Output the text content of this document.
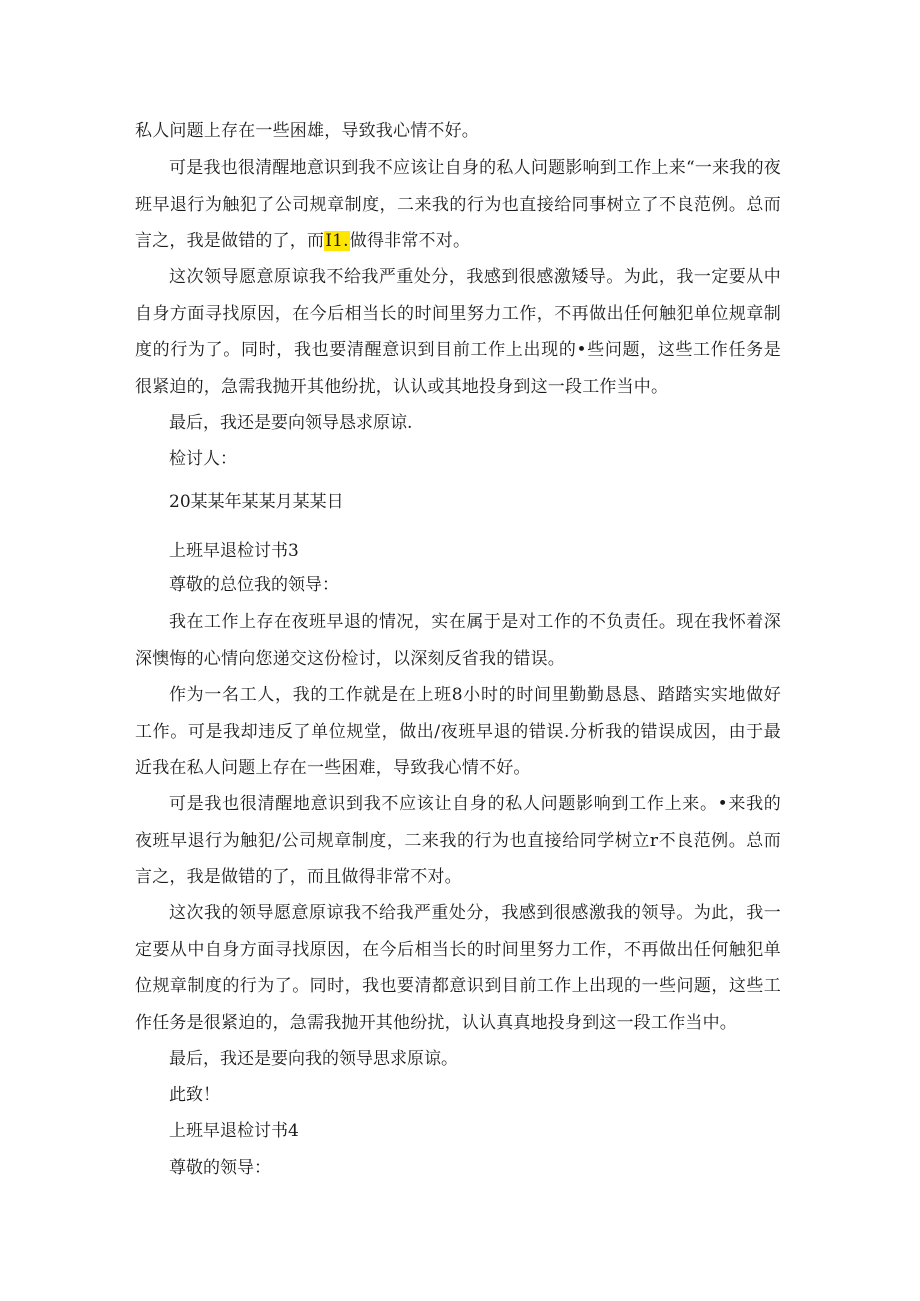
私人问题上存在一些困雄，导致我心情不好。

可是我也很清醒地意识到我不应该让自身的私人问题影响到工作上来“一来我的夜班早退行为触犯了公司规章制度，二来我的行为也直接给同事树立了不良范例。总而言之，我是做错的了，而I1.做得非常不对。

这次领导愿意原谅我不给我严重处分，我感到很感激矮导。为此，我一定要从中自身方面寻找原因，在今后相当长的时间里努力工作，不再做出任何触犯单位规章制度的行为了。同时，我也要清醒意识到目前工作上出现的•些问题，这些工作任务是很紧迫的，急需我抛开其他纷扰，认认或其地投身到这一段工作当中。

最后，我还是要向领导恳求原谅.

检讨人：

20某某年某某月某某日

上班早退检讨书3

尊敬的总位我的领导：

我在工作上存在夜班早退的情况，实在属于是对工作的不负责任。现在我怀着深深懊悔的心情向您递交这份检讨，以深刻反省我的错误。

作为一名工人，我的工作就是在上班8小时的时间里勤勤恳恳、踏踏实实地做好工作。可是我却违反了单位规堂，做出/夜班早退的错误.分析我的错误成因，由于最近我在私人问题上存在一些困难，导致我心情不好。

可是我也很清醒地意识到我不应该让自身的私人问题影响到工作上来。•来我的夜班早退行为触犯/公司规章制度，二来我的行为也直接给同学树立r不良范例。总而言之，我是做错的了，而且做得非常不对。

这次我的领导愿意原谅我不给我严重处分，我感到很感激我的领导。为此，我一定要从中自身方面寻找原因，在今后相当长的时间里努力工作，不再做出任何触犯单位规章制度的行为了。同时，我也要清都意识到目前工作上出现的一些问题，这些工作任务是很紧迫的，急需我抛开其他纷扰，认认真真地投身到这一段工作当中。

最后，我还是要向我的领导思求原谅。

此致！

上班早退检讨书4

尊敬的领导：
